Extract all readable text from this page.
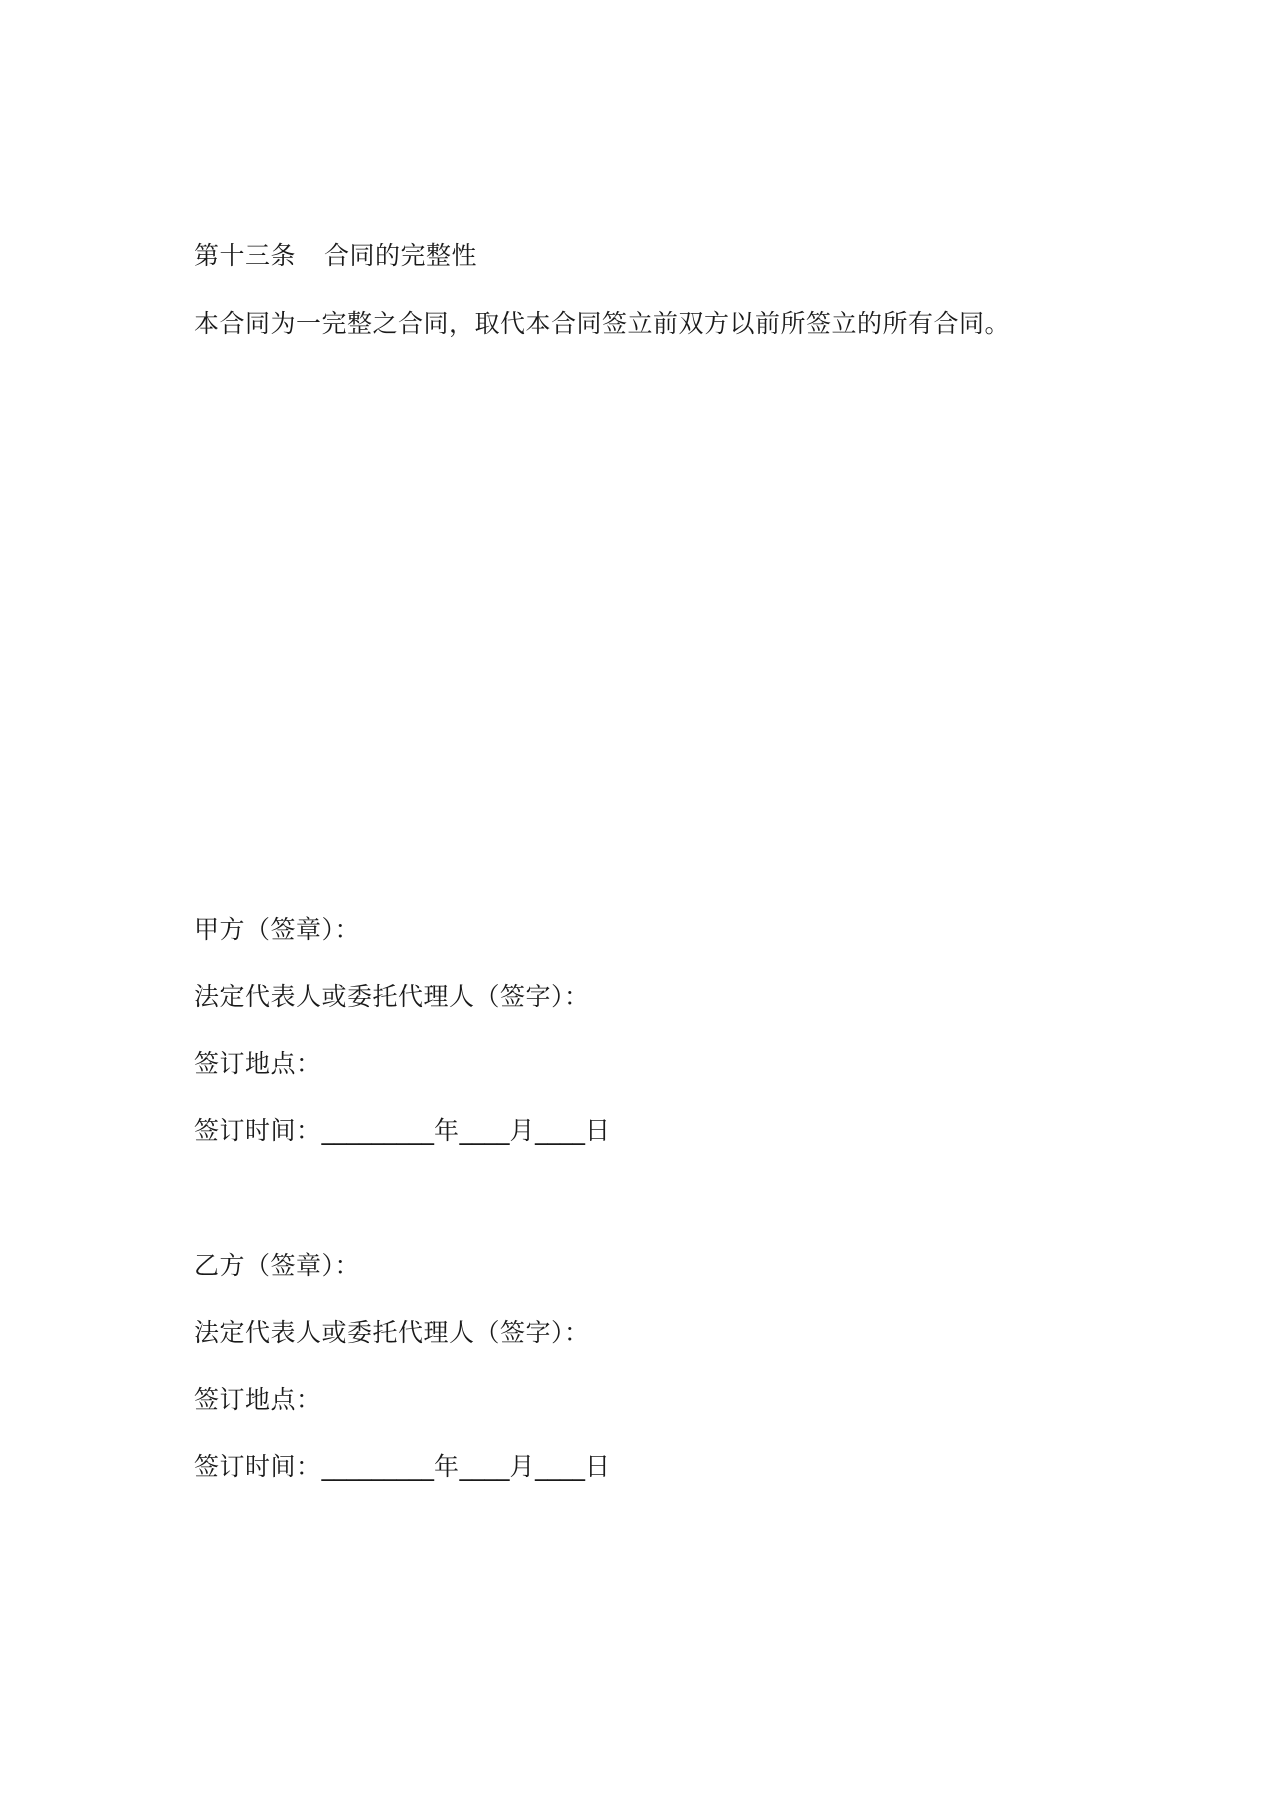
第十三条 合同的完整性
本合同为一完整之合同，取代本合同签立前双方以前所签立的所有合同。
甲方（签章）：
法定代表人或委托代理人（签字）：
签订地点：
签订时间：_________年____月____日
乙方（签章）：
法定代表人或委托代理人（签字）：
签订地点：
签订时间：_________年____月____日
